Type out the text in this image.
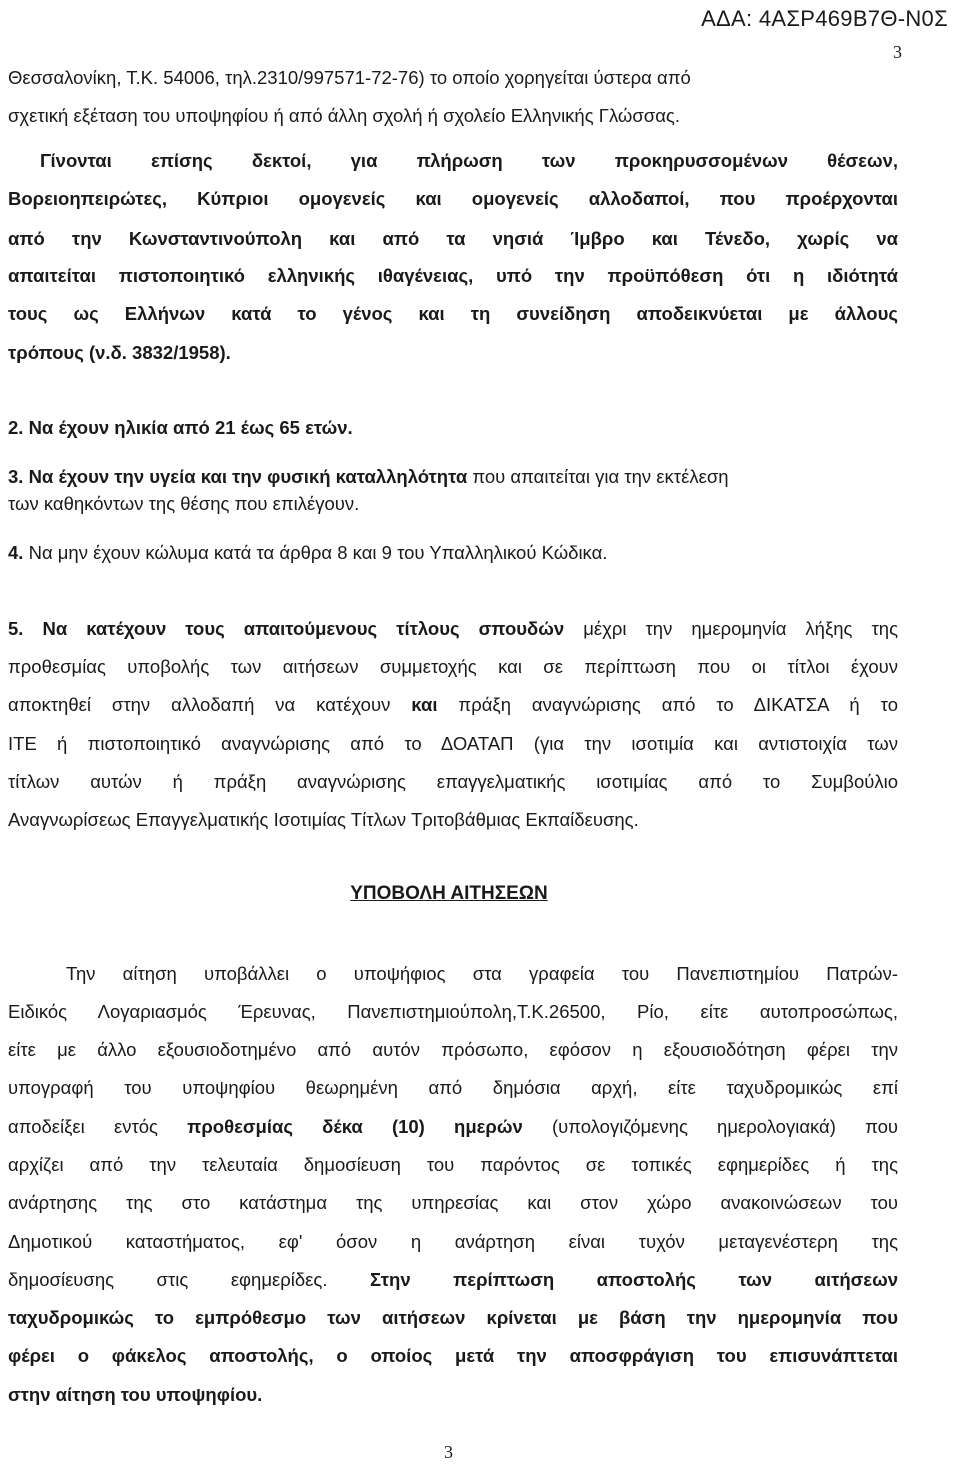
ΑΔΑ: 4ΑΣΡ469Β7Θ-Ν0Σ
3
Θεσσαλονίκη, Τ.Κ. 54006, τηλ.2310/997571-72-76) το οποίο χορηγείται ύστερα από
σχετική εξέταση του υποψηφίου ή από άλλη σχολή ή σχολείο Ελληνικής Γλώσσας.
Γίνονται επίσης δεκτοί, για πλήρωση των προκηρυσσομένων θέσεων,
Βορειοηπειρώτες, Κύπριοι ομογενείς και ομογενείς αλλοδαποί, που προέρχονται
από την Κωνσταντινούπολη και από τα νησιά Ίμβρο και Τένεδο, χωρίς να
απαιτείται πιστοποιητικό ελληνικής ιθαγένειας, υπό την προϋπόθεση ότι η ιδιότητά
τους ως Ελλήνων κατά το γένος και τη συνείδηση αποδεικνύεται με άλλους
τρόπους (ν.δ. 3832/1958).
2. Να έχουν ηλικία από 21 έως 65 ετών.
3. Να έχουν την υγεία και την φυσική καταλληλότητα που απαιτείται για την εκτέλεση
των καθηκόντων της θέσης που επιλέγουν.
4. Να μην έχουν κώλυμα κατά τα άρθρα 8 και 9 του Υπαλληλικού Κώδικα.
5. Να κατέχουν τους απαιτούμενους τίτλους σπουδών μέχρι την ημερομηνία λήξης της
προθεσμίας υποβολής των αιτήσεων συμμετοχής και σε περίπτωση που οι τίτλοι έχουν
αποκτηθεί στην αλλοδαπή να κατέχουν και πράξη αναγνώρισης από το ΔΙΚΑΤΣΑ ή το
ΙΤΕ ή πιστοποιητικό αναγνώρισης από το ΔΟΑΤΑΠ (για την ισοτιμία και αντιστοιχία των
τίτλων αυτών ή πράξη αναγνώρισης επαγγελματικής ισοτιμίας από το Συμβούλιο
Αναγνωρίσεως Επαγγελματικής Ισοτιμίας Τίτλων Τριτοβάθμιας Εκπαίδευσης.
ΥΠΟΒΟΛΗ ΑΙΤΗΣΕΩΝ
Την αίτηση υποβάλλει ο υποψήφιος στα γραφεία του Πανεπιστημίου Πατρών-
Ειδικός Λογαριασμός Έρευνας, Πανεπιστημιούπολη,Τ.Κ.26500, Ρίο, είτε αυτοπροσώπως,
είτε με άλλο εξουσιοδοτημένο από αυτόν πρόσωπο, εφόσον η εξουσιοδότηση φέρει την
υπογραφή του υποψηφίου θεωρημένη από δημόσια αρχή, είτε ταχυδρομικώς επί
αποδείξει εντός προθεσμίας δέκα (10) ημερών (υπολογιζόμενης ημερολογιακά) που
αρχίζει από την τελευταία δημοσίευση του παρόντος σε τοπικές εφημερίδες ή της
ανάρτησης της στο κατάστημα της υπηρεσίας και στον χώρο ανακοινώσεων του
Δημοτικού καταστήματος, εφ' όσον η ανάρτηση είναι τυχόν μεταγενέστερη της
δημοσίευσης στις εφημερίδες. Στην περίπτωση αποστολής των αιτήσεων
ταχυδρομικώς το εμπρόθεσμο των αιτήσεων κρίνεται με βάση την ημερομηνία που
φέρει ο φάκελος αποστολής, ο οποίος μετά την αποσφράγιση του επισυνάπτεται
στην αίτηση του υποψηφίου.
3
